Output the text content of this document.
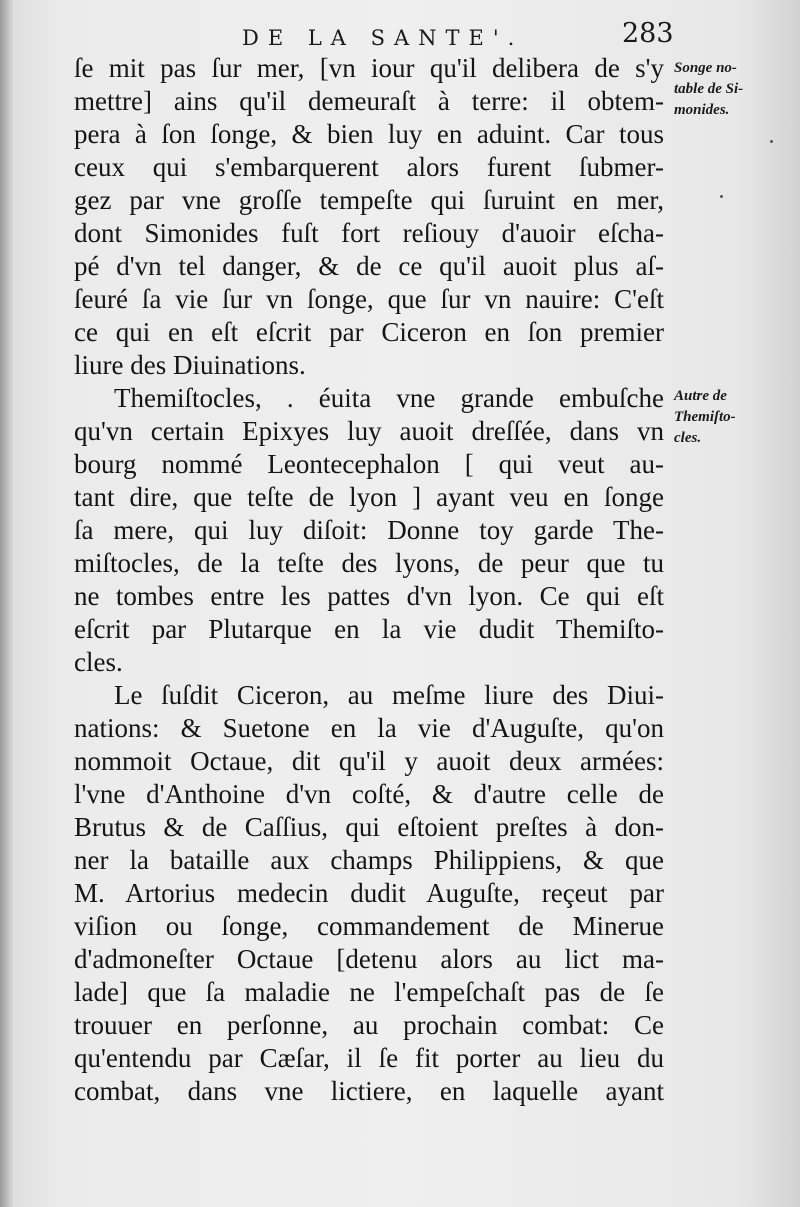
DE LA SANTE'.	283
ſe mit pas ſur mer, [vn iour qu'il delibera de s'y
mettre] ains qu'il demeuraſt à terre: il obtem-
pera à ſon ſonge, & bien luy en aduint. Car tous
ceux qui s'embarquerent alors furent ſubmer-
gez par vne groſſe tempeſte qui ſuruint en mer,
dont Simonides fuſt fort reſiouy d'auoir eſcha-
pé d'vn tel danger, & de ce qu'il auoit plus aſ-
ſeuré ſa vie ſur vn ſonge, que ſur vn nauire: C'eſt
ce qui en eſt eſcrit par Ciceron en ſon premier
liure des Diuinations.
Themiſtocles, . éuita vne grande embuſche
qu'vn certain Epixyes luy auoit dreſſée, dans vn
bourg nommé Leontecephalon [ qui veut au-
tant dire, que teſte de lyon ] ayant veu en ſonge
ſa mere, qui luy diſoit: Donne toy garde The-
miſtocles, de la teſte des lyons, de peur que tu
ne tombes entre les pattes d'vn lyon. Ce qui eſt
eſcrit par Plutarque en la vie dudit Themiſto-
cles.
Le ſuſdit Ciceron, au meſme liure des Diui-
nations: & Suetone en la vie d'Auguſte, qu'on
nommoit Octaue, dit qu'il y auoit deux armées:
l'vne d'Anthoine d'vn coſté, & d'autre celle de
Brutus & de Caſſius, qui eſtoient preſtes à don-
ner la bataille aux champs Philippiens, & que
M. Artorius medecin dudit Auguſte, reçeut par
viſion ou ſonge, commandement de Mineruе
d'admoneſter Octaue [detenu alors au lict ma-
lade] que ſa maladie ne l'empeſchaſt pas de ſe
trouuer en perſonne, au prochain combat: Ce
qu'entendu par Cæſar, il ſe fit porter au lieu du
combat, dans vne lictiere, en laquelle ayant
Songe no-
table de Si-
monides.
Autre de
Themiſto-
cles.
